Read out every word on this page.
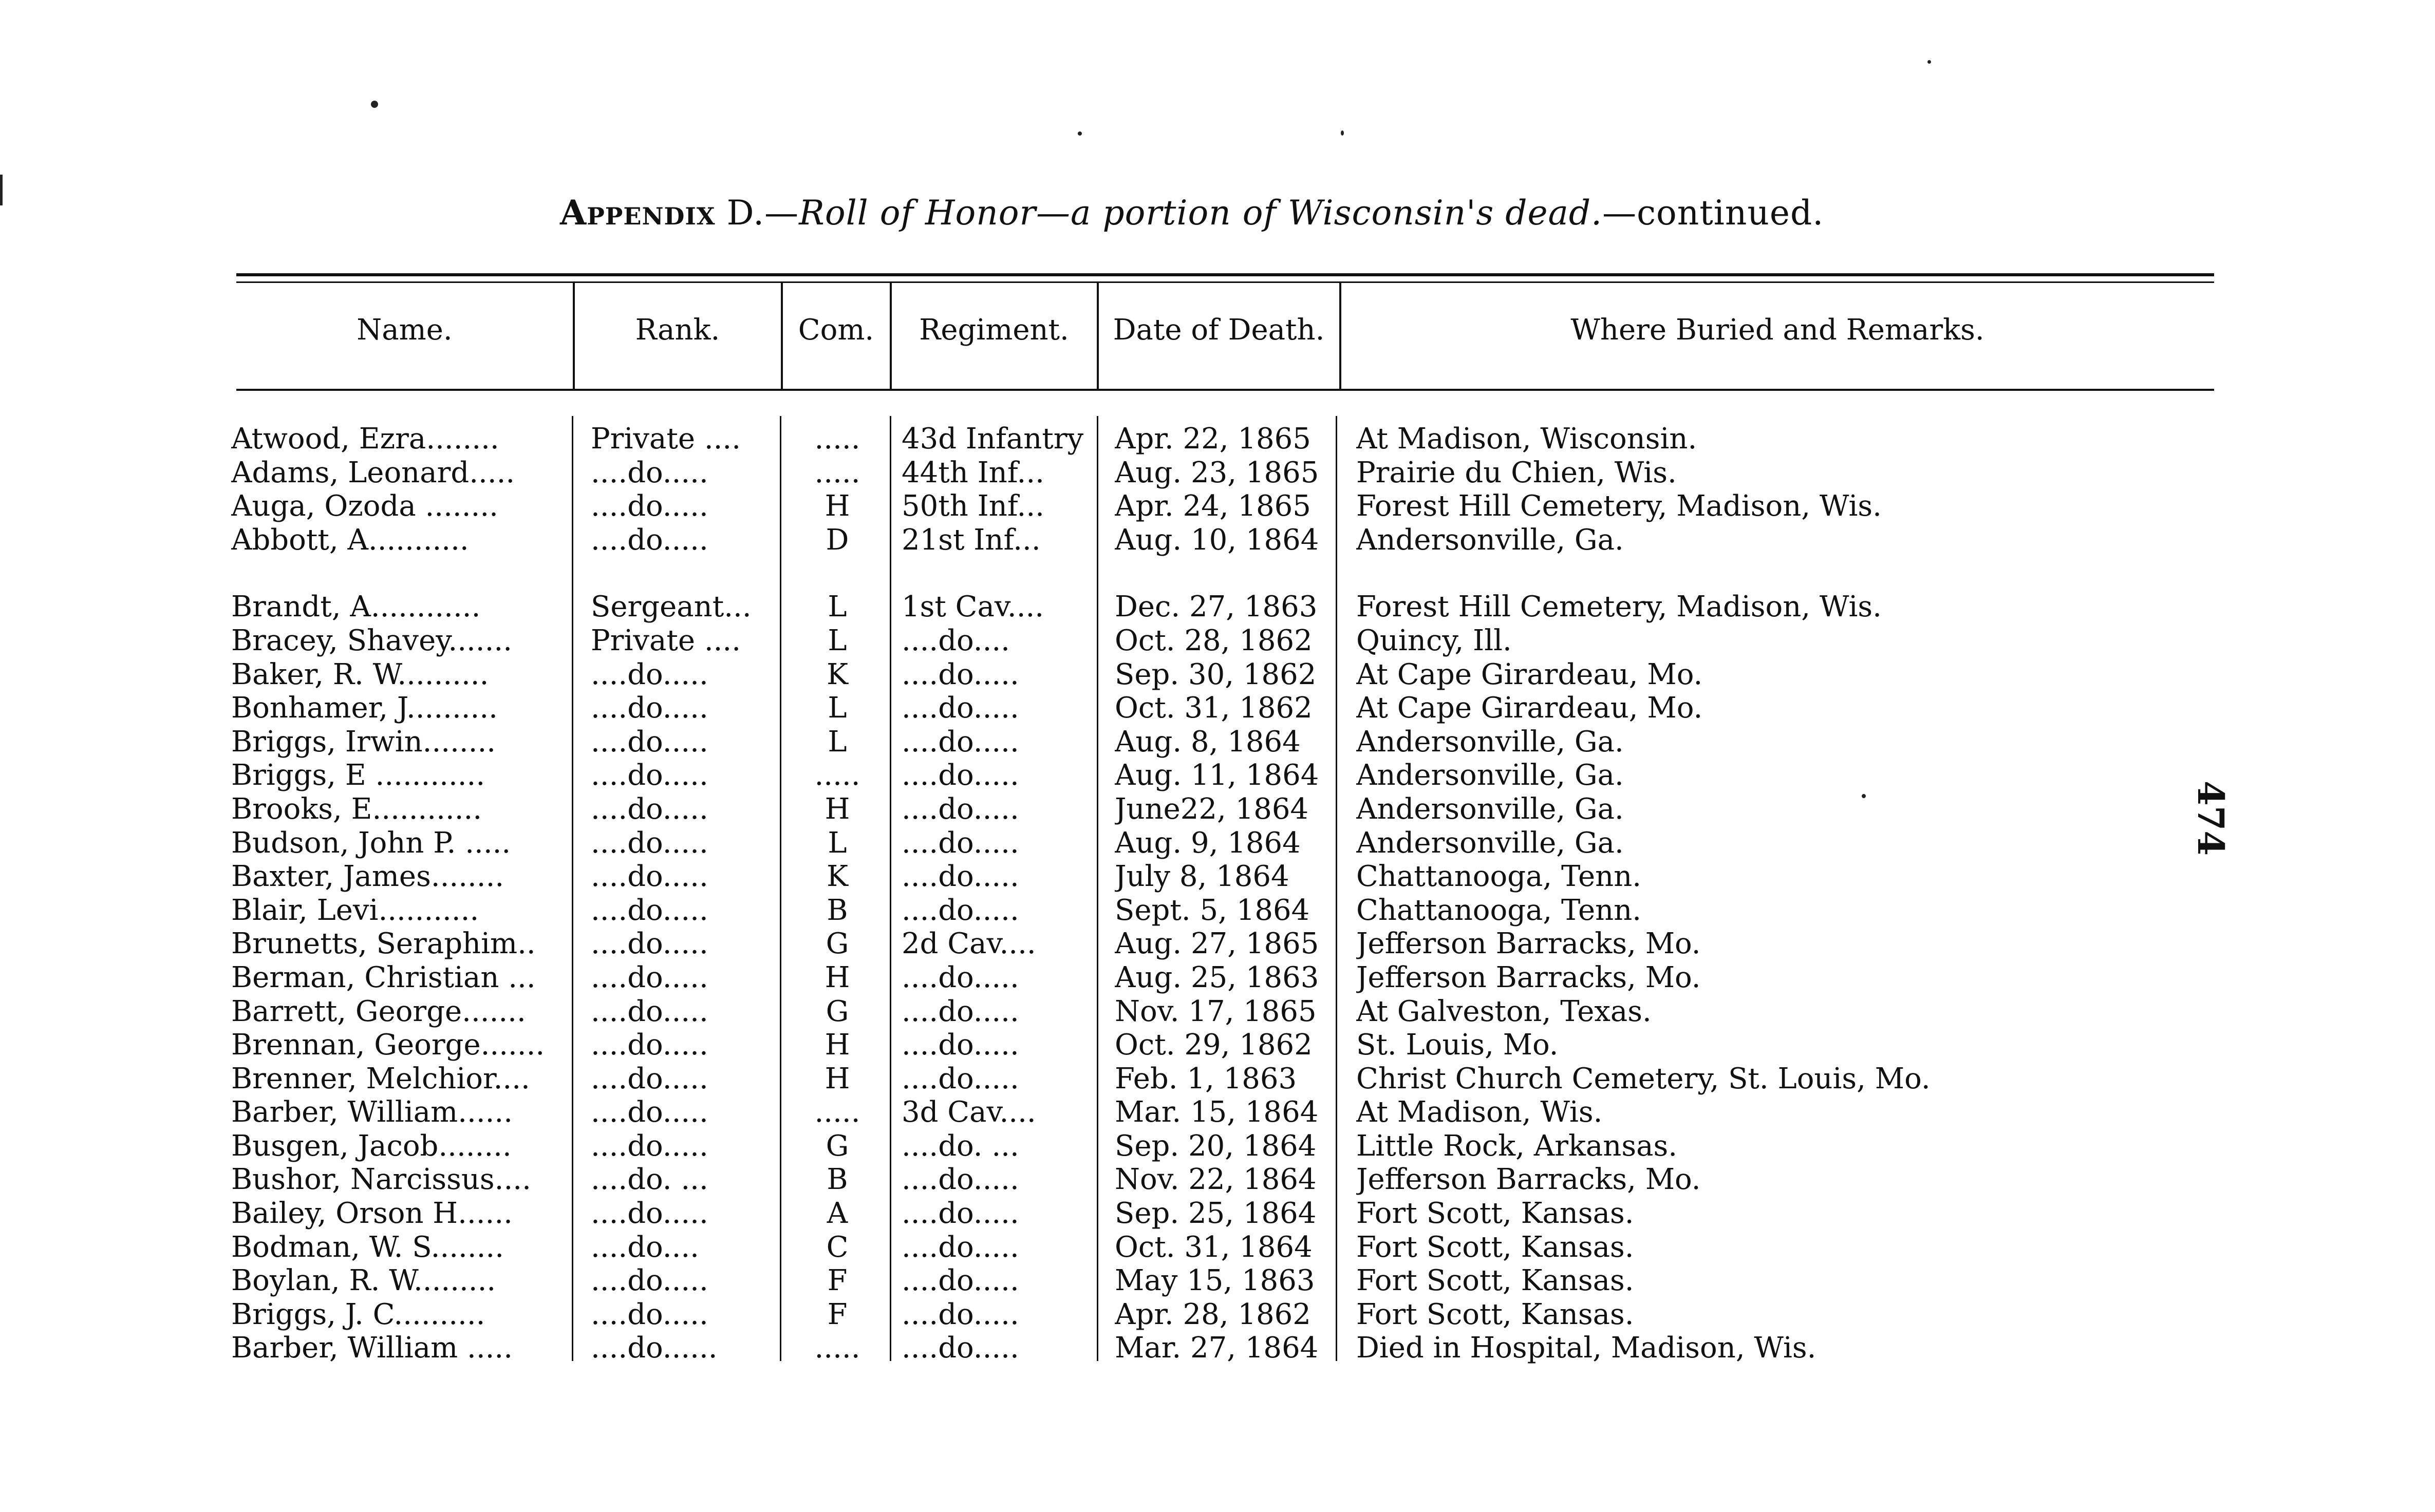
Appendix D.—Roll of Honor—a portion of Wisconsin's dead.—continued.
Name.	Rank.	Com.	Regiment.	Date of Death.	Where Buried and Remarks.
Atwood, Ezra........	Private ....	.....	43d Infantry Apr. 22, 1865	At Madison, Wisconsin.
Adams, Leonard.....	....do.....	.....	44th Inf...	Aug. 23, 1865	Prairie du Chien, Wis.
Auga, Ozoda ........	....do.....	H	50th Inf...	Apr. 24, 1865	Forest Hill Cemetery, Madison, Wis.
Abbott, A...........	....do.....	D	21st Inf...	Aug. 10, 1864	Andersonville, Ga.
Brandt, A............	Sergeant...	L	1st Cav....	Dec. 27, 1863	Forest Hill Cemetery, Madison, Wis.
Bracey, Shavey.......	Private ....	L	....do....	Oct. 28, 1862	Quincy, Ill.
Baker, R. W..........	....do.....	K	....do.....	Sep. 30, 1862	At Cape Girardeau, Mo.
Bonhamer, J..........	....do.....	L	....do.....	Oct. 31, 1862	At Cape Girardeau, Mo.
Briggs, Irwin........	....do.....	L	....do.....	Aug. 8, 1864	Andersonville, Ga.
Briggs, E ............	....do.....	.....	....do.....	Aug. 11, 1864	Andersonville, Ga.
Brooks, E............	....do.....	H	....do.....	June22, 1864	Andersonville, Ga.
Budson, John P. .....	....do.....	L	....do.....	Aug. 9, 1864	Andersonville, Ga.
Baxter, James........	....do.....	K	....do.....	July 8, 1864	Chattanooga, Tenn.
Blair, Levi...........	....do.....	B	....do.....	Sept. 5, 1864	Chattanooga, Tenn.
Brunetts, Seraphim..	....do.....	G	2d Cav....	Aug. 27, 1865	Jefferson Barracks, Mo.
Berman, Christian ...	....do.....	H	....do.....	Aug. 25, 1863	Jefferson Barracks, Mo.
Barrett, George.......	....do.....	G	....do.....	Nov. 17, 1865	At Galveston, Texas.
Brennan, George.......	....do.....	H	....do.....	Oct. 29, 1862	St. Louis, Mo.
Brenner, Melchior....	....do.....	H	....do.....	Feb. 1, 1863	Christ Church Cemetery, St. Louis, Mo.
Barber, William......	....do.....	.....	3d Cav....	Mar. 15, 1864	At Madison, Wis.
Busgen, Jacob........	....do.....	G	....do. ...	Sep. 20, 1864	Little Rock, Arkansas.
Bushor, Narcissus....	....do. ...	B	....do.....	Nov. 22, 1864	Jefferson Barracks, Mo.
Bailey, Orson H......	....do.....	A	....do.....	Sep. 25, 1864	Fort Scott, Kansas.
Bodman, W. S........	....do....	C	....do.....	Oct. 31, 1864	Fort Scott, Kansas.
Boylan, R. W.........	....do.....	F	....do.....	May 15, 1863	Fort Scott, Kansas.
Briggs, J. C..........	....do.....	F	....do.....	Apr. 28, 1862	Fort Scott, Kansas.
Barber, William .....	....do......	.....	....do.....	Mar. 27, 1864	Died in Hospital, Madison, Wis.
474
